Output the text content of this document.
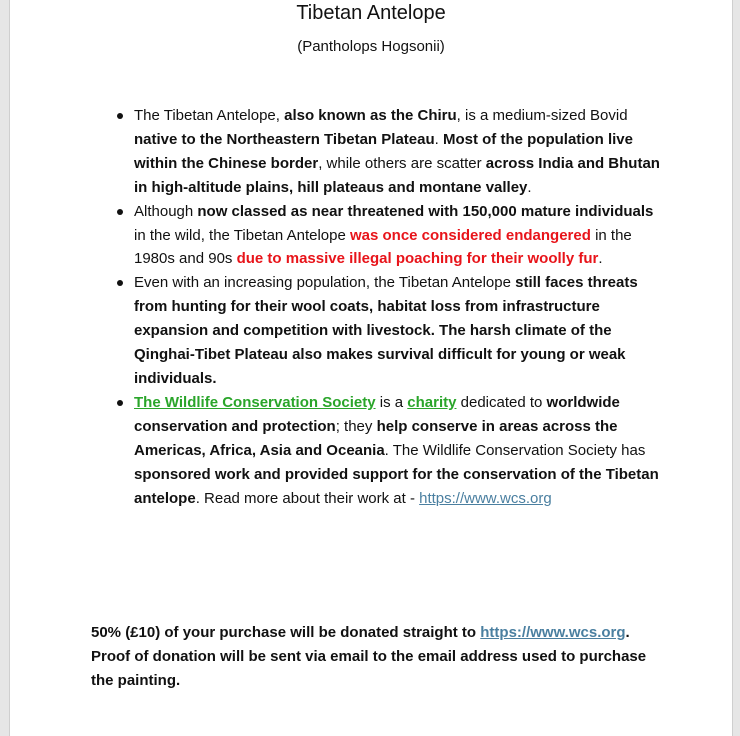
Tibetan Antelope
(Pantholops Hogsonii)
The Tibetan Antelope, also known as the Chiru, is a medium-sized Bovid native to the Northeastern Tibetan Plateau. Most of the population live within the Chinese border, while others are scatter across India and Bhutan in high-altitude plains, hill plateaus and montane valley.
Although now classed as near threatened with 150,000 mature individuals in the wild, the Tibetan Antelope was once considered endangered in the 1980s and 90s due to massive illegal poaching for their woolly fur.
Even with an increasing population, the Tibetan Antelope still faces threats from hunting for their wool coats, habitat loss from infrastructure expansion and competition with livestock. The harsh climate of the Qinghai-Tibet Plateau also makes survival difficult for young or weak individuals.
The Wildlife Conservation Society is a charity dedicated to worldwide conservation and protection; they help conserve in areas across the Americas, Africa, Asia and Oceania. The Wildlife Conservation Society has sponsored work and provided support for the conservation of the Tibetan antelope. Read more about their work at - https://www.wcs.org
50% (£10) of your purchase will be donated straight to https://www.wcs.org. Proof of donation will be sent via email to the email address used to purchase the painting.
